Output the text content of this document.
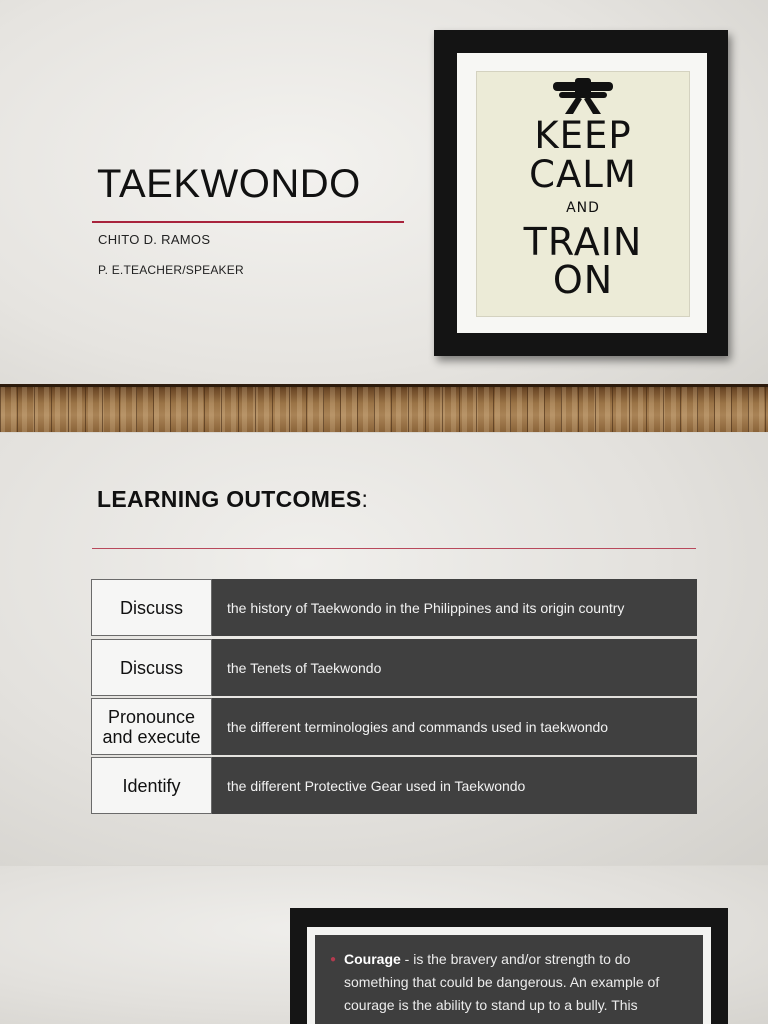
TAEKWONDO
CHITO D. RAMOS
P. E.TEACHER/SPEAKER
KEEP
CALM
AND
TRAIN
ON
LEARNING OUTCOMES:
Discuss	the history of Taekwondo in the Philippines and its origin country
Discuss	the Tenets of Taekwondo
Pronounce and execute	the different terminologies and commands used in taekwondo
Identify	the different Protective Gear used in Taekwondo
● Courage - is the bravery and/or strength to do something that could be dangerous. An example of courage is the ability to stand up to a bully. This
